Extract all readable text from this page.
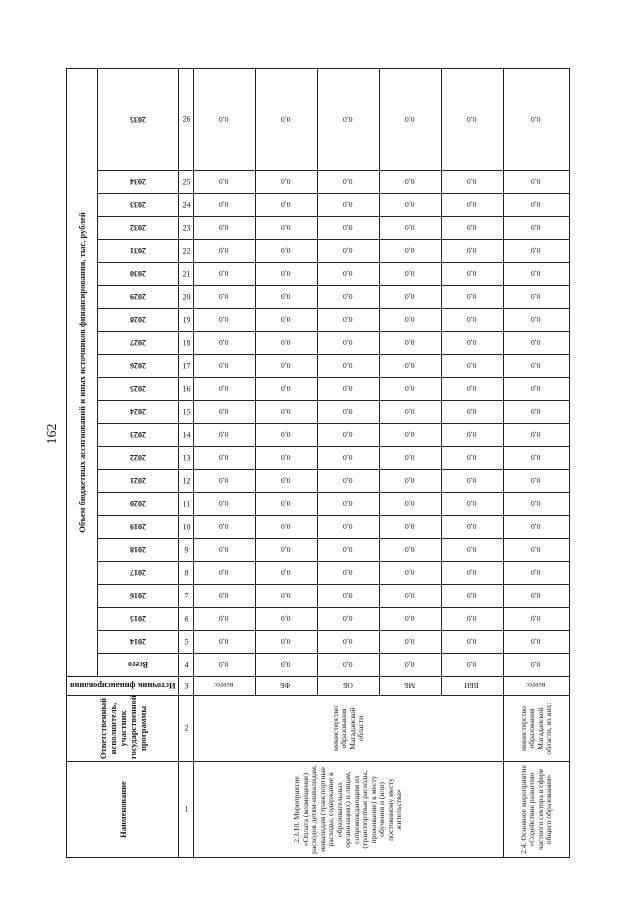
162
Наименование	Ответственный исполнитель, участник государственной программы	Источник финансирования	Объем бюджетных ассигнований и иных источников финансирования, тыс. рублей																						

			Всего	2014	2015	2016	2017	2018	2019	2020	2021	2022	2023	2024	2025	2026	2027	2028	2029	2030	2031	2032	2033	2034	2035

1	2	3	4	5	6	7	8	9	10	11	12	13	14	15	16	17	18	19	20	21	22	23	24	25	26
2.3.10. Мероприятие «Оплата (возмещение) расходов детям-инвалидам, инвалидам (транспортные расходы; содержание в образовательных организациях) и лицам, сопровождающим их (транспортные расходы, проживание) к месту обучения и (или) постоянному месту жительства»	министерство образования Магаданской области	всего:	0,0	0,0	0,0	0,0	0,0	0,0	0,0	0,0	0,0	0,0	0,0	0,0	0,0	0,0	0,0	0,0	0,0	0,0	0,0	0,0	0,0	0,0	0,0
		ФБ	0,0	0,0	0,0	0,0	0,0	0,0	0,0	0,0	0,0	0,0	0,0	0,0	0,0	0,0	0,0	0,0	0,0	0,0	0,0	0,0	0,0	0,0	0,0
		ОБ	0,0	0,0	0,0	0,0	0,0	0,0	0,0	0,0	0,0	0,0	0,0	0,0	0,0	0,0	0,0	0,0	0,0	0,0	0,0	0,0	0,0	0,0	0,0
		МБ	0,0	0,0	0,0	0,0	0,0	0,0	0,0	0,0	0,0	0,0	0,0	0,0	0,0	0,0	0,0	0,0	0,0	0,0	0,0	0,0	0,0	0,0	0,0
		ВБИ	0,0	0,0	0,0	0,0	0,0	0,0	0,0	0,0	0,0	0,0	0,0	0,0	0,0	0,0	0,0	0,0	0,0	0,0	0,0	0,0	0,0	0,0	0,0
2.4. Основное мероприятие «Содействие развитию частного сектора в сфере общего образования»	министерство образования Магаданской области, из них:	всего:	0,0	0,0	0,0	0,0	0,0	0,0	0,0	0,0	0,0	0,0	0,0	0,0	0,0	0,0	0,0	0,0	0,0	0,0	0,0	0,0	0,0	0,0	0,0
